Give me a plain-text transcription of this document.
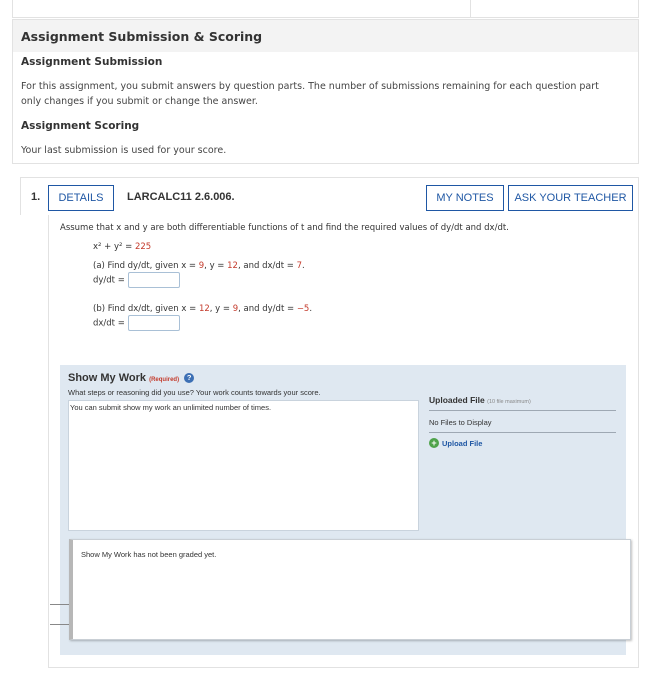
Assignment Submission & Scoring
Assignment Submission
For this assignment, you submit answers by question parts. The number of submissions remaining for each question part only changes if you submit or change the answer.
Assignment Scoring
Your last submission is used for your score.
1.	DETAILS	LARCALC11 2.6.006.	MY NOTES	ASK YOUR TEACHER
Assume that x and y are both differentiable functions of t and find the required values of dy/dt and dx/dt.
x² + y² = 225
(a) Find dy/dt, given x = 9, y = 12, and dx/dt = 7.
dy/dt =
(b) Find dx/dt, given x = 12, y = 9, and dy/dt = −5.
dx/dt =
Show My Work (Required) ?
What steps or reasoning did you use? Your work counts towards your score.
You can submit show my work an unlimited number of times.
Uploaded File (10 file maximum)
No Files to Display
+ Upload File
Show My Work has not been graded yet.
